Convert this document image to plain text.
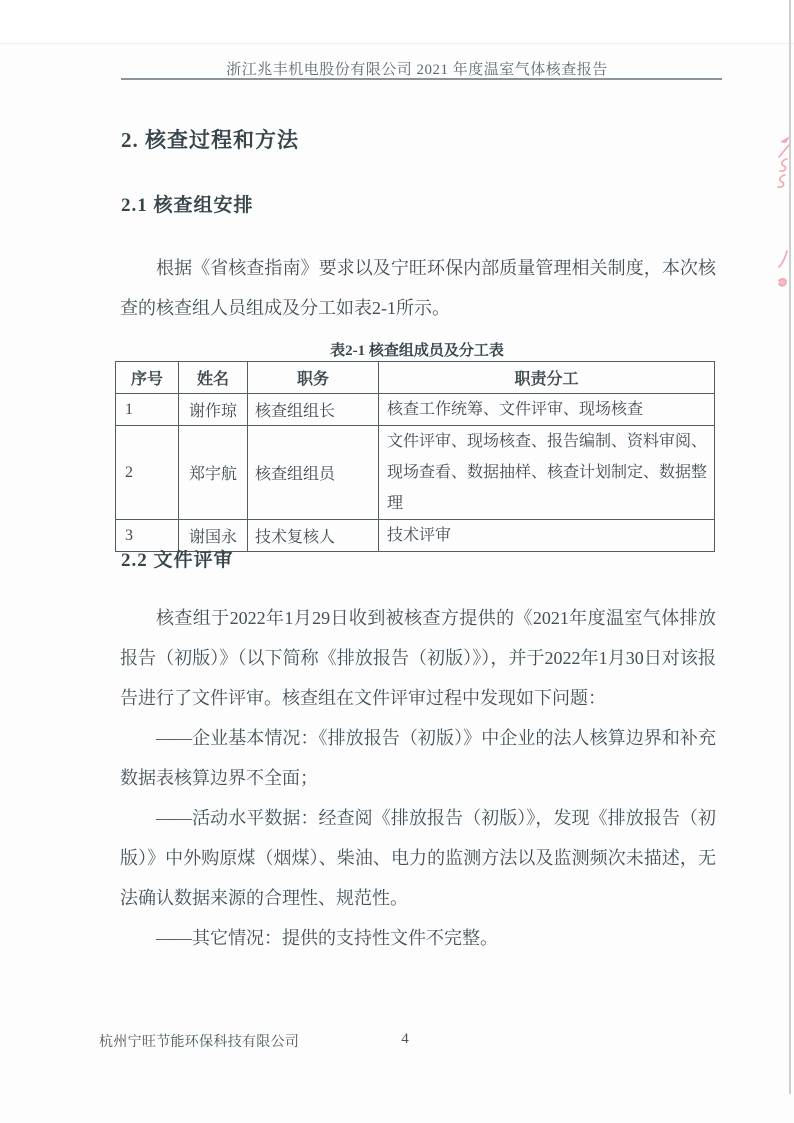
浙江兆丰机电股份有限公司 2021 年度温室气体核查报告
2. 核查过程和方法
2.1 核查组安排

根据《省核查指南》要求以及宁旺环保内部质量管理相关制度，本次核查的核查组人员组成及分工如表2-1所示。

表2-1 核查组成员及分工表
序号	姓名	职务	职责分工
1	谢作琼	核查组组长	核查工作统筹、文件评审、现场核查
2	郑宇航	核查组组员	文件评审、现场核查、报告编制、资料审阅、现场查看、数据抽样、核查计划制定、数据整理
3	谢国永	技术复核人	技术评审
2.2 文件评审

核查组于2022年1月29日收到被核查方提供的《2021年度温室气体排放报告（初版）》（以下简称《排放报告（初版）》），并于2022年1月30日对该报告进行了文件评审。核查组在文件评审过程中发现如下问题：

——企业基本情况：《排放报告（初版）》中企业的法人核算边界和补充数据表核算边界不全面；

——活动水平数据：经查阅《排放报告（初版）》，发现《排放报告（初版）》中外购原煤（烟煤）、柴油、电力的监测方法以及监测频次未描述，无法确认数据来源的合理性、规范性。

——其它情况：提供的支持性文件不完整。

杭州宁旺节能环保科技有限公司	4
